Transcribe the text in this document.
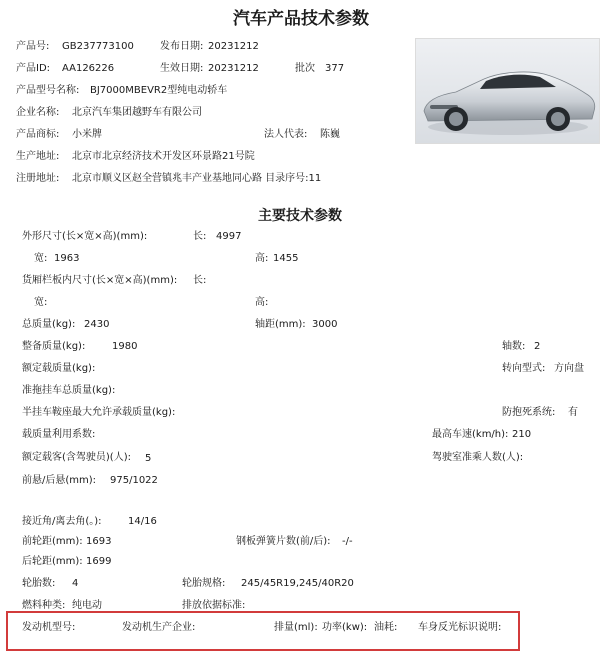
汽车产品技术参数
产品号: GB237773100	发布日期: 20231212
产品ID: AA126226	生效日期: 20231212	批次 377
产品型号名称: BJ7000MBEVR2型纯电动轿车
企业名称: 北京汽车集团越野车有限公司
产品商标: 小米牌	法人代表: 陈巍
生产地址: 北京市北京经济技术开发区环景路21号院
注册地址: 北京市顺义区赵全营镇兆丰产业基地同心路 目录序号:11
主要技术参数
外形尺寸(长×宽×高)(mm):	长: 4997
宽: 1963	高: 1455
货厢栏板内尺寸(长×宽×高)(mm): 长:
宽:	高:
总质量(kg): 2430	轴距(mm): 3000
整备质量(kg):	1980	轴数: 2
额定载质量(kg):	转向型式: 方向盘
准拖挂车总质量(kg):
半挂车鞍座最大允许承载质量(kg):	防抱死系统: 有
载质量利用系数:	最高车速(km/h): 210
额定载客(含驾驶员)(人): 5	驾驶室准乘人数(人):
前悬/后悬(mm): 975/1022
接近角/离去角(。):	14/16
前轮距(mm): 1693	钢板弹簧片数(前/后): -/-
后轮距(mm): 1699
轮胎数: 4	轮胎规格: 245/45R19,245/40R20
燃料种类: 纯电动	排放依据标准:
发动机型号:	发动机生产企业:	排量(ml): 功率(kw): 油耗: 车身反光标识说明:
